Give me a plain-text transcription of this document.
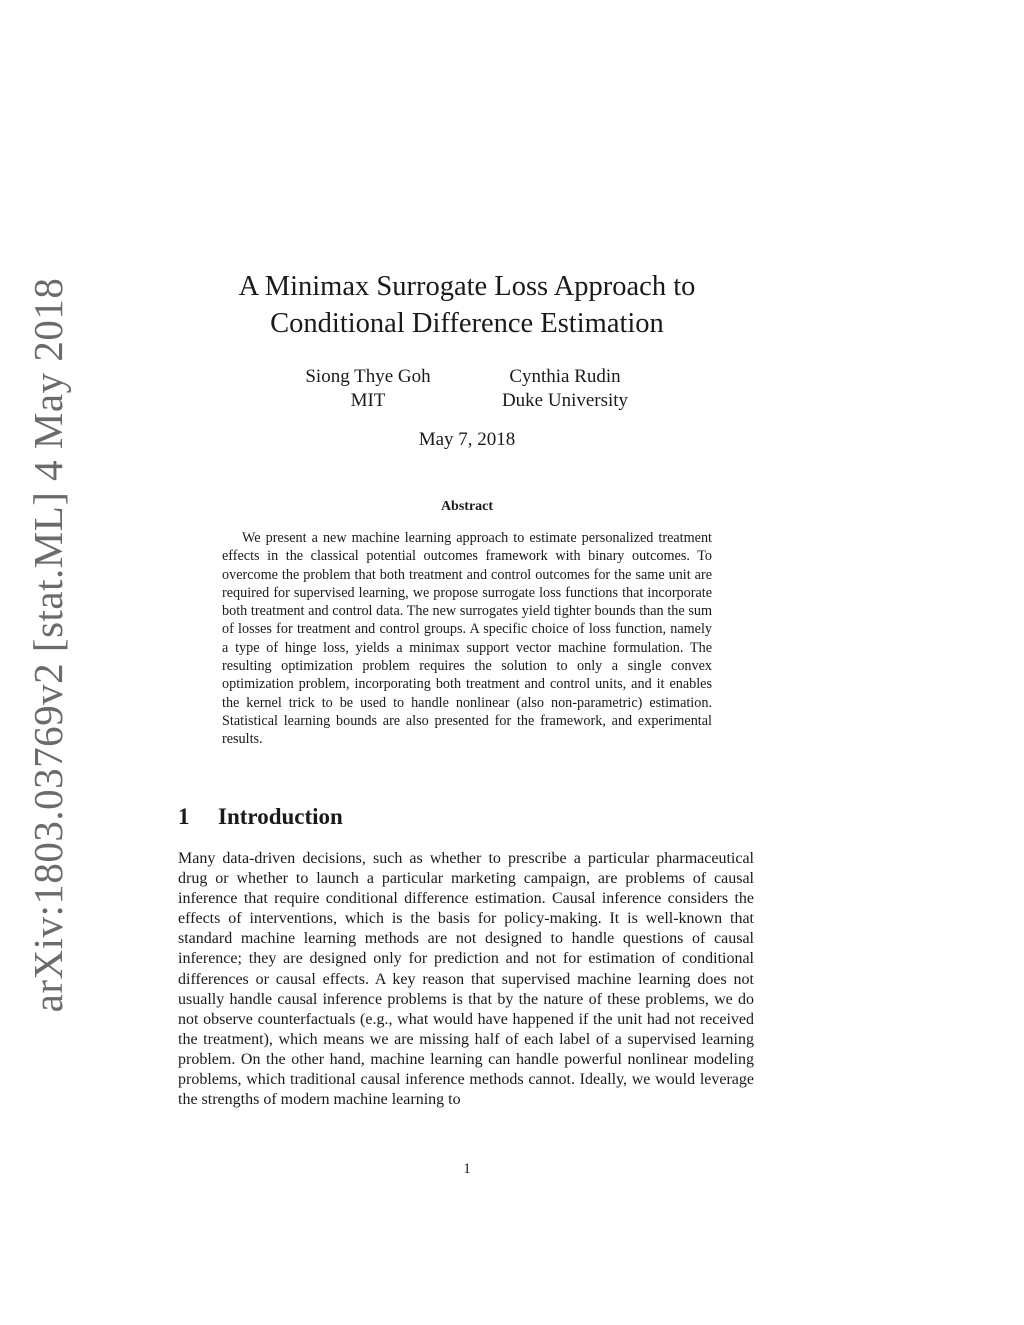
arXiv:1803.03769v2 [stat.ML] 4 May 2018	A Minimax Surrogate Loss Approach to
Conditional Difference Estimation
Siong Thye Goh
MIT
Cynthia Rudin
Duke University
May 7, 2018
Abstract

We present a new machine learning approach to estimate personalized treatment effects in the classical potential outcomes framework with binary outcomes. To overcome the problem that both treatment and control outcomes for the same unit are required for supervised learning, we propose surrogate loss functions that incorporate both treatment and control data. The new surrogates yield tighter bounds than the sum of losses for treatment and control groups. A specific choice of loss function, namely a type of hinge loss, yields a minimax support vector machine formulation. The resulting optimization problem requires the solution to only a single convex optimization problem, incorporating both treatment and control units, and it enables the kernel trick to be used to handle nonlinear (also non-parametric) estimation. Statistical learning bounds are also presented for the framework, and experimental results.

1 Introduction

Many data-driven decisions, such as whether to prescribe a particular pharmaceutical drug or whether to launch a particular marketing campaign, are problems of causal inference that require conditional difference estimation. Causal inference considers the effects of interventions, which is the basis for policy-making. It is well-known that standard machine learning methods are not designed to handle questions of causal inference; they are designed only for prediction and not for estimation of conditional differences or causal effects. A key reason that supervised machine learning does not usually handle causal inference problems is that by the nature of these problems, we do not observe counterfactuals (e.g., what would have happened if the unit had not received the treatment), which means we are missing half of each label of a supervised learning problem. On the other hand, machine learning can handle powerful nonlinear modeling problems, which traditional causal inference methods cannot. Ideally, we would leverage the strengths of modern machine learning to

1
